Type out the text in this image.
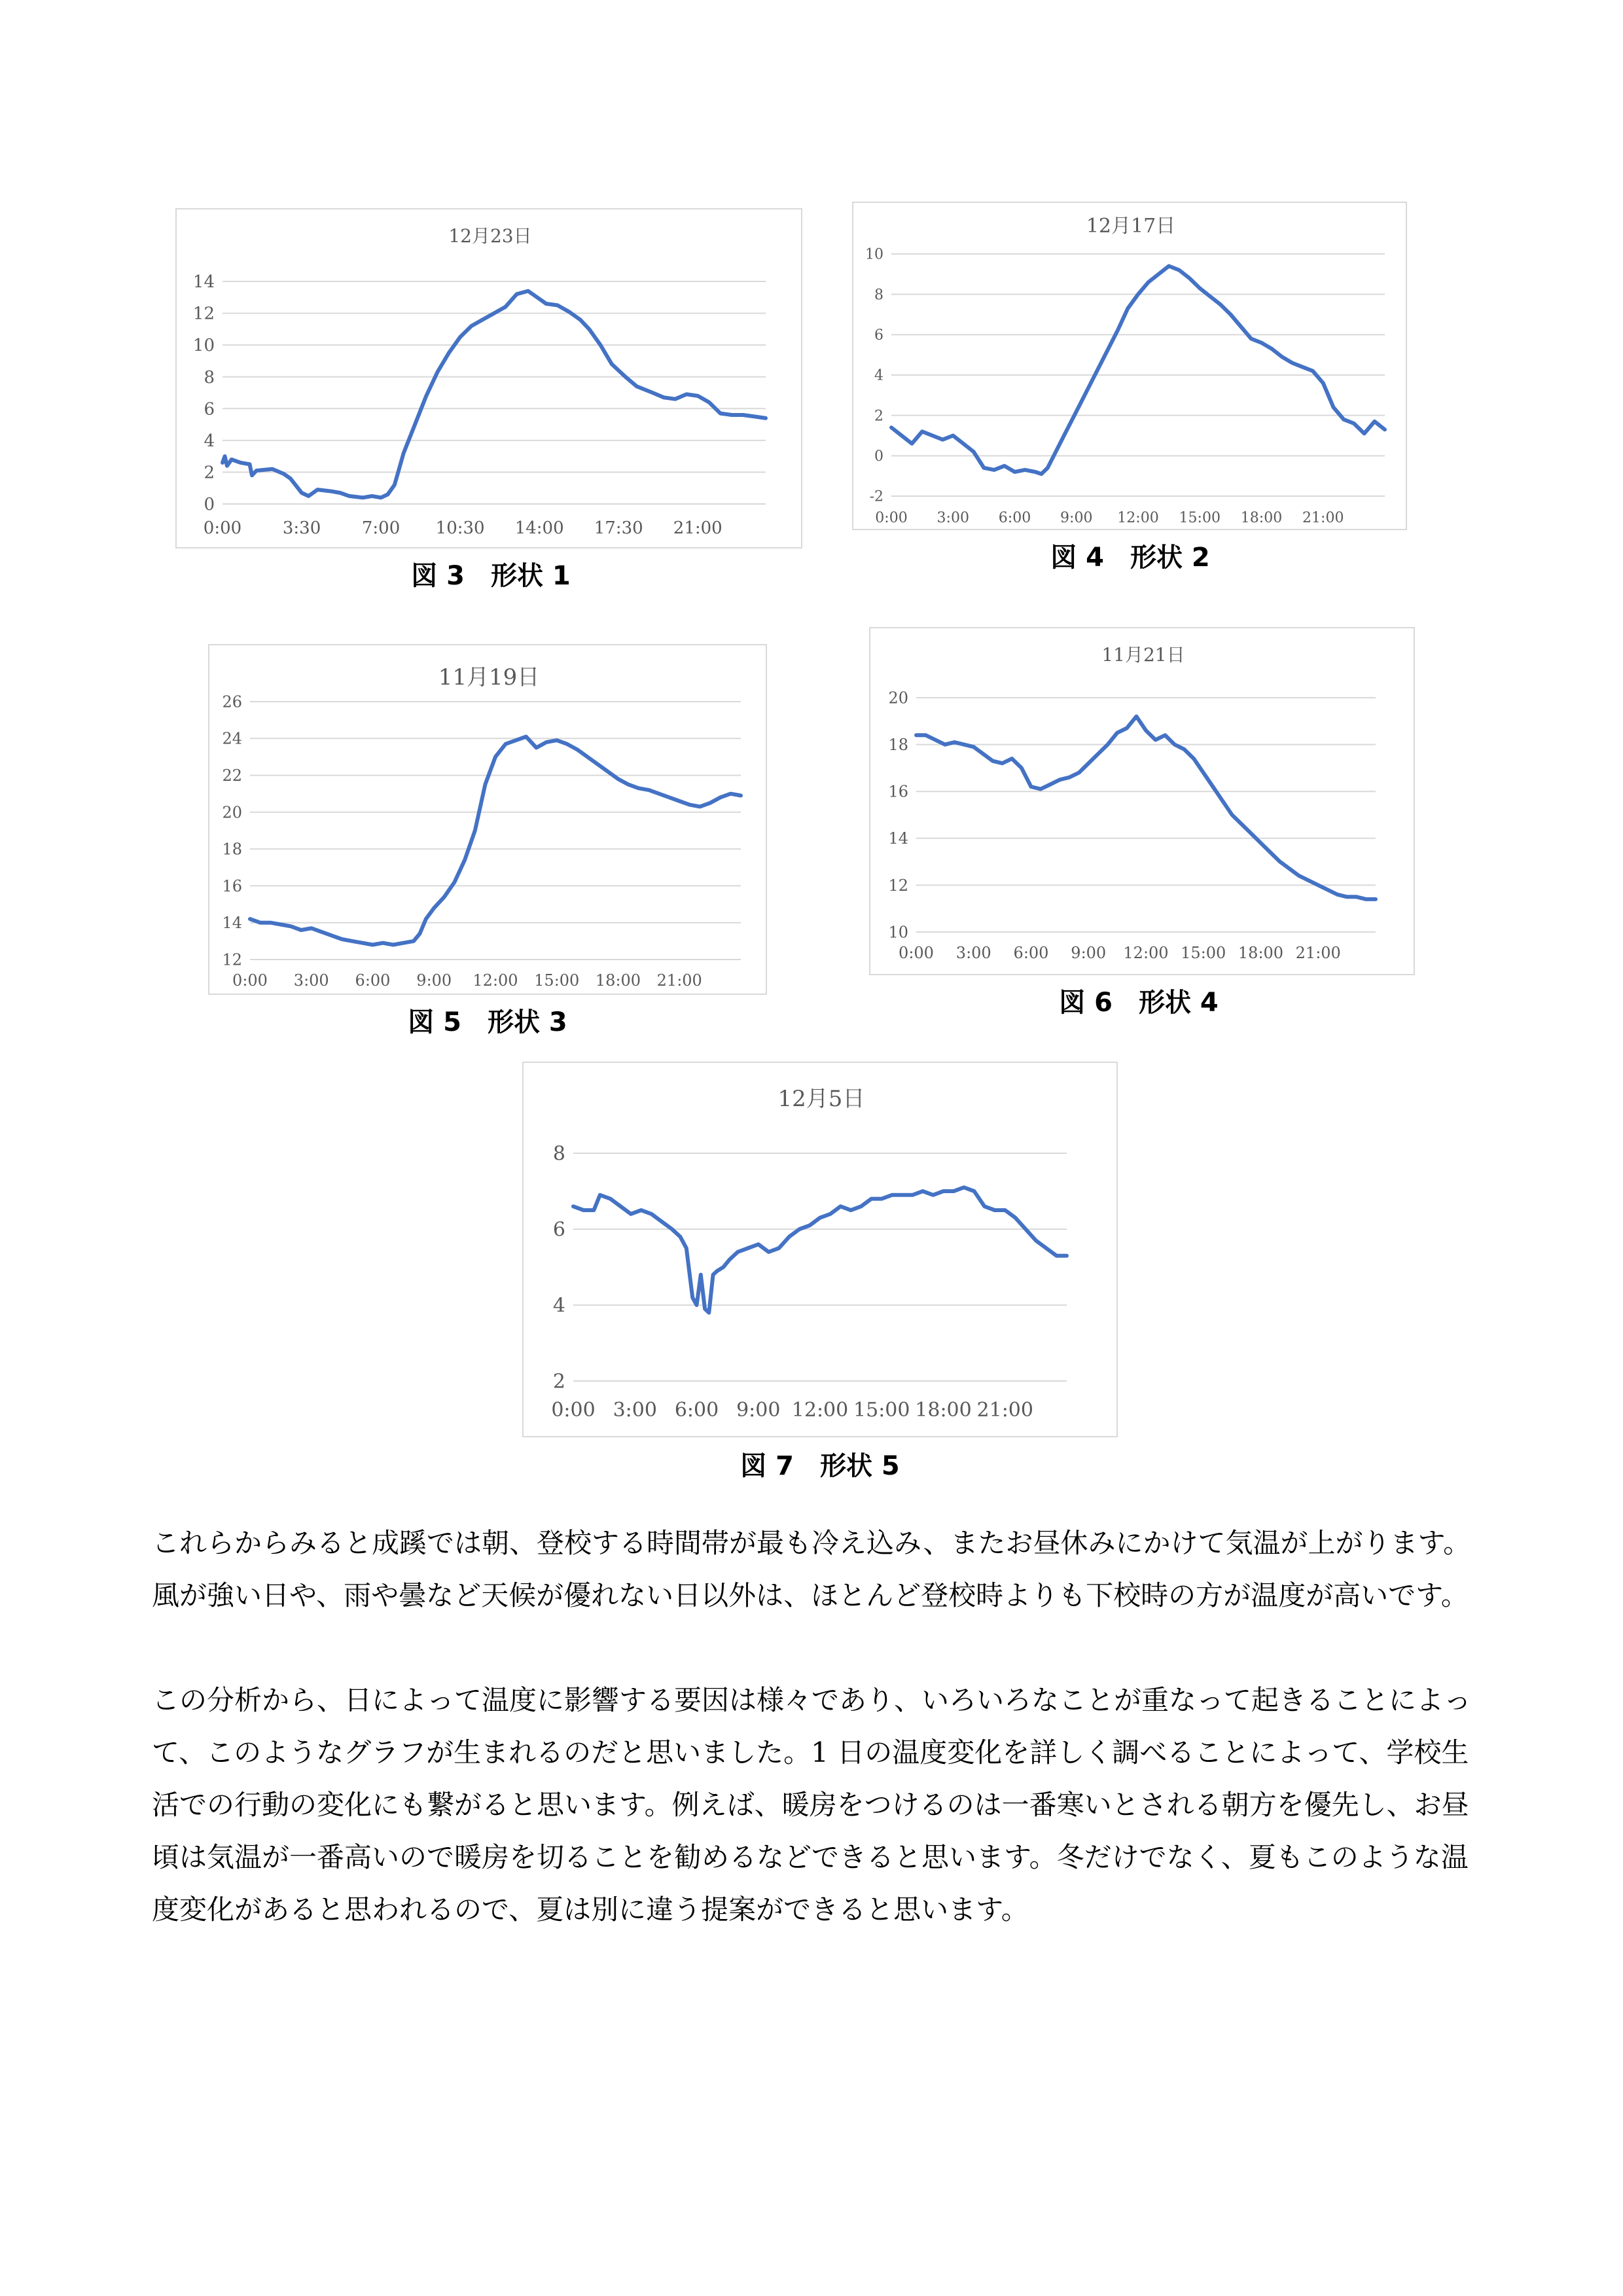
12月23日
0
2
4
6
8
10
12
14
0:00 3:30 7:00 10:30 14:00 17:30 21:00
図 3　形状 1
12月17日
-2
0
2
4
6
8
10
0:00 3:00 6:00 9:00 12:00 15:00 18:00 21:00
図 4　形状 2
11月19日
12
14
16
18
20
22
24
26
0:00 3:00 6:00 9:00 12:00 15:00 18:00 21:00
図 5　形状 3
11月21日
10
12
14
16
18
20
0:00 3:00 6:00 9:00 12:00 15:00 18:00 21:00
図 6　形状 4
12月5日
2
4
6
8
0:00 3:00 6:00 9:00 12:00 15:00 18:00 21:00
図 7　形状 5

これらからみると成蹊では朝、登校する時間帯が最も冷え込み、またお昼休みにかけて気温が上がります。風が強い日や、雨や曇など天候が優れない日以外は、ほとんど登校時よりも下校時の方が温度が高いです。

この分析から、日によって温度に影響する要因は様々であり、いろいろなことが重なって起きることによって、このようなグラフが生まれるのだと思いました。1 日の温度変化を詳しく調べることによって、学校生活での行動の変化にも繋がると思います。例えば、暖房をつけるのは一番寒いとされる朝方を優先し、お昼頃は気温が一番高いので暖房を切ることを勧めるなどできると思います。冬だけでなく、夏もこのような温度変化があると思われるので、夏は別に違う提案ができると思います。
